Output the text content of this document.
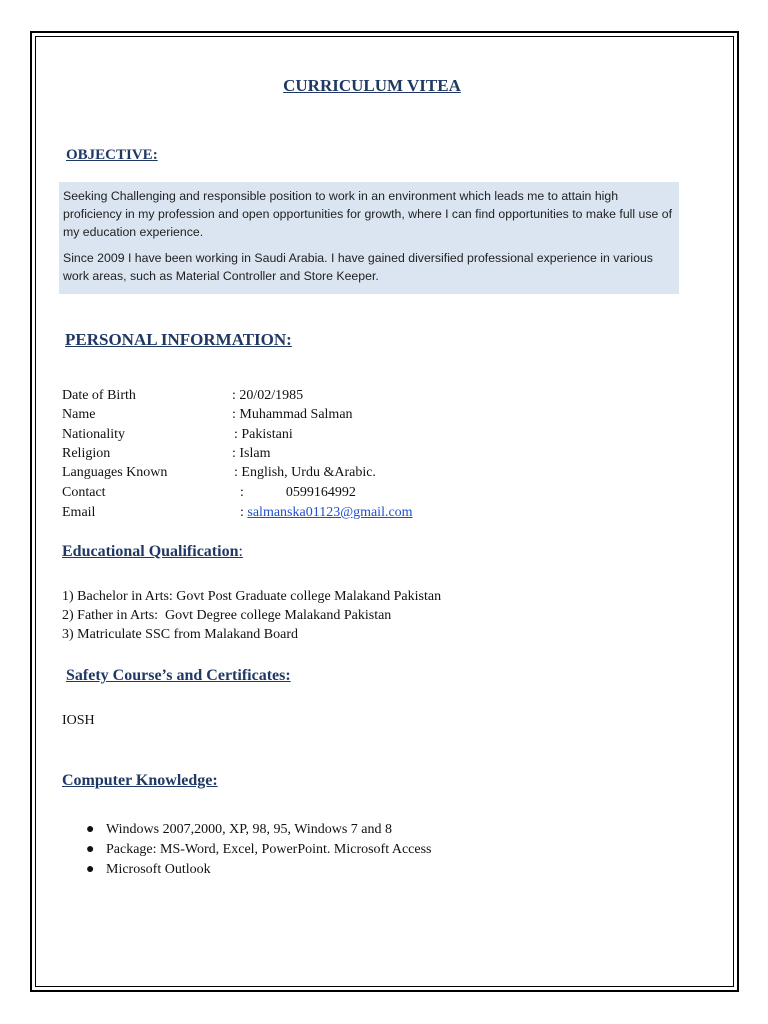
CURRICULUM VITEA
OBJECTIVE:

Seeking Challenging and responsible position to work in an environment which leads me to attain high proficiency in my profession and open opportunities for growth, where I can find opportunities to make full use of my education experience.

Since 2009 I have been working in Saudi Arabia. I have gained diversified professional experience in various work areas, such as Material Controller and Store Keeper.

PERSONAL INFORMATION:
Date of Birth	: 20/02/1985
Name	: Muhammad Salman
Nationality	: Pakistani
Religion	: Islam
Languages Known	: English, Urdu &Arabic.
Contact	:            0599164992
Email	: salmanska01123@gmail.com
Educational Qualification:
1) Bachelor in Arts: Govt Post Graduate college Malakand Pakistan
2) Father in Arts:  Govt Degree college Malakand Pakistan
3) Matriculate SSC from Malakand Board
Safety Course’s and Certificates:
IOSH
Computer Knowledge:
● Windows 2007,2000, XP, 98, 95, Windows 7 and 8
● Package: MS-Word, Excel, PowerPoint. Microsoft Access
● Microsoft Outlook
